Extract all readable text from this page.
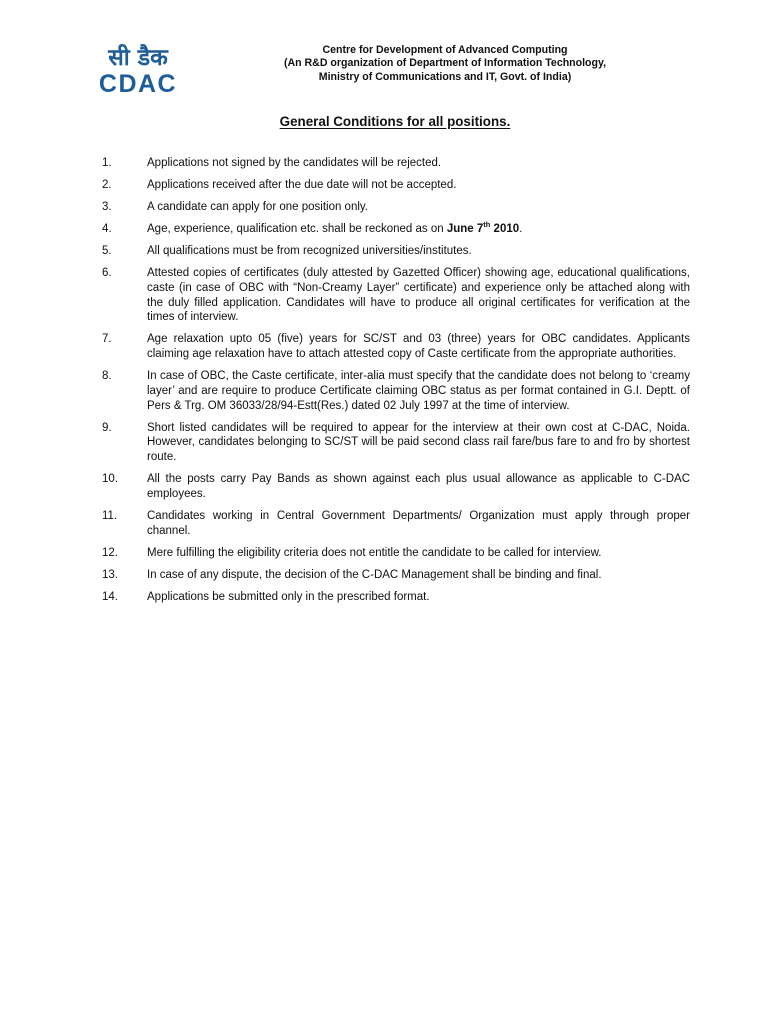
सी डैक
CDAC
Centre for Development of Advanced Computing
(An R&D organization of Department of Information Technology,
Ministry of Communications and IT, Govt. of India)
General Conditions for all positions.
1.	Applications not signed by the candidates will be rejected.
2.	Applications received after the due date will not be accepted.
3.	A candidate can apply for one position only.
4.	Age, experience, qualification etc. shall be reckoned as on June 7th 2010.
5.	All qualifications must be from recognized universities/institutes.
6.	Attested copies of certificates (duly attested by Gazetted Officer) showing age, educational qualifications, caste (in case of OBC with “Non-Creamy Layer” certificate) and experience only be attached along with the duly filled application. Candidates will have to produce all original certificates for verification at the times of interview.
7.	Age relaxation upto 05 (five) years for SC/ST and 03 (three) years for OBC candidates. Applicants claiming age relaxation have to attach attested copy of Caste certificate from the appropriate authorities.
8.	In case of OBC, the Caste certificate, inter-alia must specify that the candidate does not belong to ‘creamy layer’ and are require to produce Certificate claiming OBC status as per format contained in G.I. Deptt. of Pers & Trg. OM 36033/28/94-Estt(Res.) dated 02 July 1997 at the time of interview.
9.	Short listed candidates will be required to appear for the interview at their own cost at C-DAC, Noida. However, candidates belonging to SC/ST will be paid second class rail fare/bus fare to and fro by shortest route.
10.	All the posts carry Pay Bands as shown against each plus usual allowance as applicable to C-DAC employees.
11.	Candidates working in Central Government Departments/ Organization must apply through proper channel.
12.	Mere fulfilling the eligibility criteria does not entitle the candidate to be called for interview.
13.	In case of any dispute, the decision of the C-DAC Management shall be binding and final.
14.	Applications be submitted only in the prescribed format.
